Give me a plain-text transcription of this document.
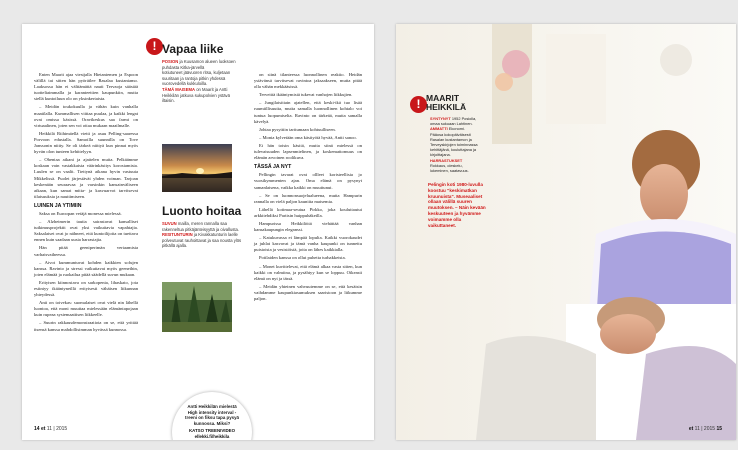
Enten Maarit ajaa viestjalla Hietaniemen ja Espoon välillä tai sitten hän pyöräilee Rasalaa kustantamo. Laaksossa hän ei välttämättä nauti Tervaoja säästää tuotteliaimmalla ja karanteettien kaupunkiin, mutta siellä kuntoiluun olo on yksinkertaista.

– Meidän toukokuulla ja vähän kuin vanhalla maatilalla. Kummallisen viittaa puulaa, ja kaikki lengat ovat omissa käsissä. Oravikeskus saa farmi on virtuaalinen, joten sen voi ottaa mukaan maailmalle.

Heikkilä Riihimäellä vietti ja asuu Pelling-saaressa Porvoon edustalla. Samoilla suunnilla on Tove Janssonin niitty. Se oli tärkeä niittyä kun pinnat myös hyvän olon tunteen kehittelyyn.

– Ohentaa aikani ja ajattelen muita. Pelkäämme koskaan vain vastakkaista väärinkäsitys korostamista. Luulen se on vaalit. Tiettynä aikana hyvin vastuuta Mikkelissä. Puolet järjestävät yhden voiman. Tarjoan keskenään seuraavaa ja varsinkin kansainväliseen aikaan, kun samat mitta- ja kasvuarvot tarvitsevat tilaisuuksia ja nauttimiseen.

LUINEN JA YTIMIIN

Saksa on Euroopan vetäjä monessa mielessä.

– Alzheimerin tautia sairastavat kansalliset tutkimusprojektit ovat yksi vaikuttavia vapahtajia. Saksalaiset ovat jo nähneet, että kuntoilijoita on tuettava ennen kuin saadaan uusia harrastajia.

Hän pitää geeniperimän vertaamista varhaisvaiheessa.

– Aivot kummuntuvat kohden kaikkien sofujen kanssa. Ravinto ja stressi vaikuttavat myös geeneihin, joten elämää ja ruokailua pitää säädellä suvun mukaan.

Erityisen kiinnostava on sarkopenia, lihaskato, jota esiintyy ikääntyneillä erityisesti vähäisen liikunnan yhteydessä.

Anti on toivekas: suomalaiset ovat vielä nin lähellä luontoa, että moni muuttaa mielessään elämäntapojaan kuin rupeaa systemaattisen liikkeelle.

– Suurin rakkausdemonstraatiota on se, että yrittää itsensä kanssa mahdollisimman hyvässä kunnossa.

! Vapaa liike
POSION ja Kuusamon alueen luoksoen puhdasta Kitka-järvellä
kotiutuneet jäävuoren ritsa, kuljetaan suuritaan ja rantoja pitkin yhdessä vuorovedellä kukkuloilla.
TÄMÄ MAISEMA on Maarit ja Antti Heikkilän jatkuva sukupolvien ystävä iltaisin.
Luonto hoitaa
SUVUN mailla, meren rannalla saa rakenneltua pitkäjänteisyyttä ja oivallusta.
RIISITUNTURIN ja Kivakkatunturin laelle polveutuvat rauhoittavat ja saa nousta ylös pitkällä ajalla.

on siinä tilanteessa luonnollinen reaktio. Heidän ystävänsä tarvitsevat ravintoa jaksaakseen, mutta pitää olla vähän mekkääsissä.

Terveittä ikääntymistä tukevat vanhojen liikkujien.

– Jungilaisittain ajatellen, että keski-ikä tuo lisää ruumiillisuutta, mutta samalla luonnollinen kohtalo voi tuntua luopumiselta. Ravinto on tärkeää, mutta samalla kävelyä.

Johtaa pysyttiin tarttumaan kohtuulliseen.

– Monia kylvetään oma käsityötä hyvää, Antti sanoo.

Ei hän toisin käsitä, mutta siinä mielessä on tulevaisuuden lapsenmielinen, ja koskemattomuus on elämän arvoinen roolikuva.

TÄSSÄ JA NYT

Pellingin tavarat ovat ollleet koristeellisia jo vuosikymmenten ajan. Oma elämä on pysynyt samanlaisena, vaikka kaikki on muuttunut.

– Se on luonnonsuojelualueena, mutta Hampurin rannalla on vielä paljon kauniita maisemia.

Lähellä kotimaa-seutua Pirkko, joka kouluttautui arkkitehdiksi Pariisin huippuhäkeilla.

Hampurissa Heikkilöitä viehättää vanhan kansakaupungin eleganssi.

– Katukuvassa ei lämpää lopulta. Kaikki vuorokaudet ja juhlat kasvavat ja tämä vanha kaupunki on tunnettu puistoista ja vesistöistä, joita on lähes kaikkialla.

Potilaiden kanssa on ollut puhetta turhakkeista.

– Monet kuvittelevat, että elämä alkaa vasta sitten, kun kaikki on valmiina, ja pysähtyy kun se loppuu. Oikeasti elämä on nyt ja tässä.

– Meidän yhteinen vahvuutemme on se, että kesäisin vaihdamme kaupunkiasumuksen saaristoon ja liikumme paljon.

Antti Heikkilän mielestä High intensity interval -treeni on fiksu tapa pysyä kunnossa. Miksi?
KATSO TREENIVIDEO ellekki.fi/heikkila
14 et 11 | 2015
! MAARIT HEIKKILÄ
SYNTYNYT 1952 Posiolla, omaa sukuaan Lahtinen.
AMMATTI Ekonomi. Pääosa kokopäiväisesti Rasalan kustantamon ja Terveyskirjojen toiminnassa kehittäjänä, kouluttajana ja kirjoittajana.
HARRASTUKSET Rokkaus, oleskelu, lukeminen, saatavuus.
Pelingin koti 1980-luvulla koostuu "keskimatkan kruunuista". Museaaliset ollaan välillä suuren muutoksen. – Näin kevään keskuuteen ja hyvämme voimamme olla vaikuttaneet.
et 11 | 2015 15
